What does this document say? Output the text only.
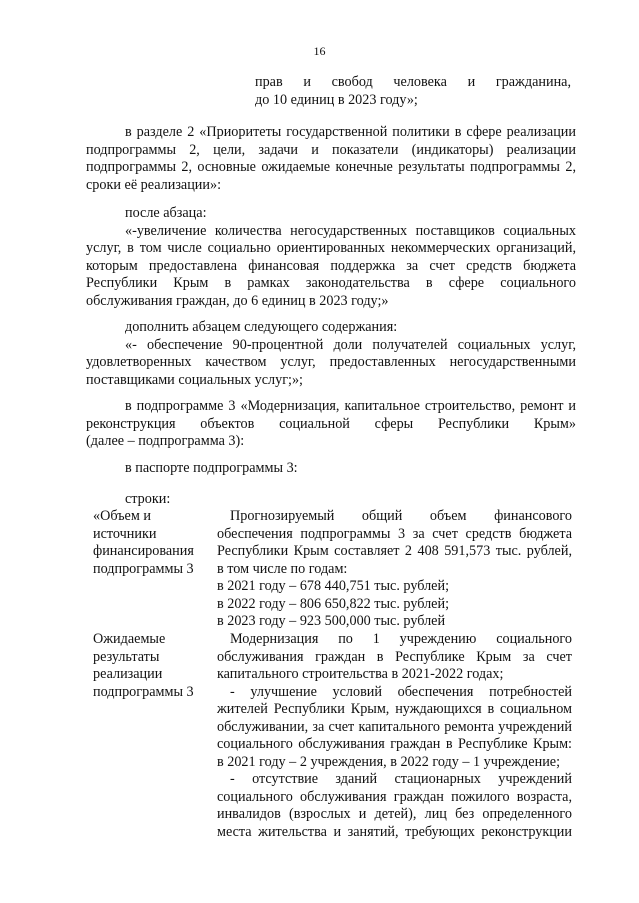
16
прав и свобод человека и гражданина,
до 10 единиц в 2023 году»;
в разделе 2 «Приоритеты государственной политики в сфере реализации
подпрограммы 2, цели, задачи и показатели (индикаторы) реализации
подпрограммы 2, основные ожидаемые конечные результаты подпрограммы 2,
сроки её реализации»:
после абзаца:
«-увеличение количества негосударственных поставщиков социальных
услуг, в том числе социально ориентированных некоммерческих организаций,
которым предоставлена финансовая поддержка за счет средств бюджета
Республики Крым в рамках законодательства в сфере социального
обслуживания граждан, до 6 единиц в 2023 году;»
дополнить абзацем следующего содержания:
«- обеспечение 90-процентной доли получателей социальных услуг,
удовлетворенных качеством услуг, предоставленных негосударственными
поставщиками социальных услуг;»;
в подпрограмме 3 «Модернизация, капитальное строительство, ремонт и
реконструкция объектов социальной сферы Республики Крым»
(далее – подпрограмма 3):
в паспорте подпрограммы 3:
строки:
«Объем и
источники
финансирования
подпрограммы 3
Прогнозируемый общий объем финансового
обеспечения подпрограммы 3 за счет средств бюджета
Республики Крым составляет 2 408 591,573 тыс. рублей,
в том числе по годам:
в 2021 году – 678 440,751 тыс. рублей;
в 2022 году – 806 650,822 тыс. рублей;
в 2023 году – 923 500,000 тыс. рублей
Ожидаемые
результаты
реализации
подпрограммы 3
Модернизация по 1 учреждению социального
обслуживания граждан в Республике Крым за счет
капитального строительства в 2021-2022 годах;
- улучшение условий обеспечения потребностей
жителей Республики Крым, нуждающихся в социальном
обслуживании, за счет капитального ремонта учреждений
социального обслуживания граждан в Республике Крым:
в 2021 году – 2 учреждения, в 2022 году – 1 учреждение;
- отсутствие зданий стационарных учреждений
социального обслуживания граждан пожилого возраста,
инвалидов (взрослых и детей), лиц без определенного
места жительства и занятий, требующих реконструкции
